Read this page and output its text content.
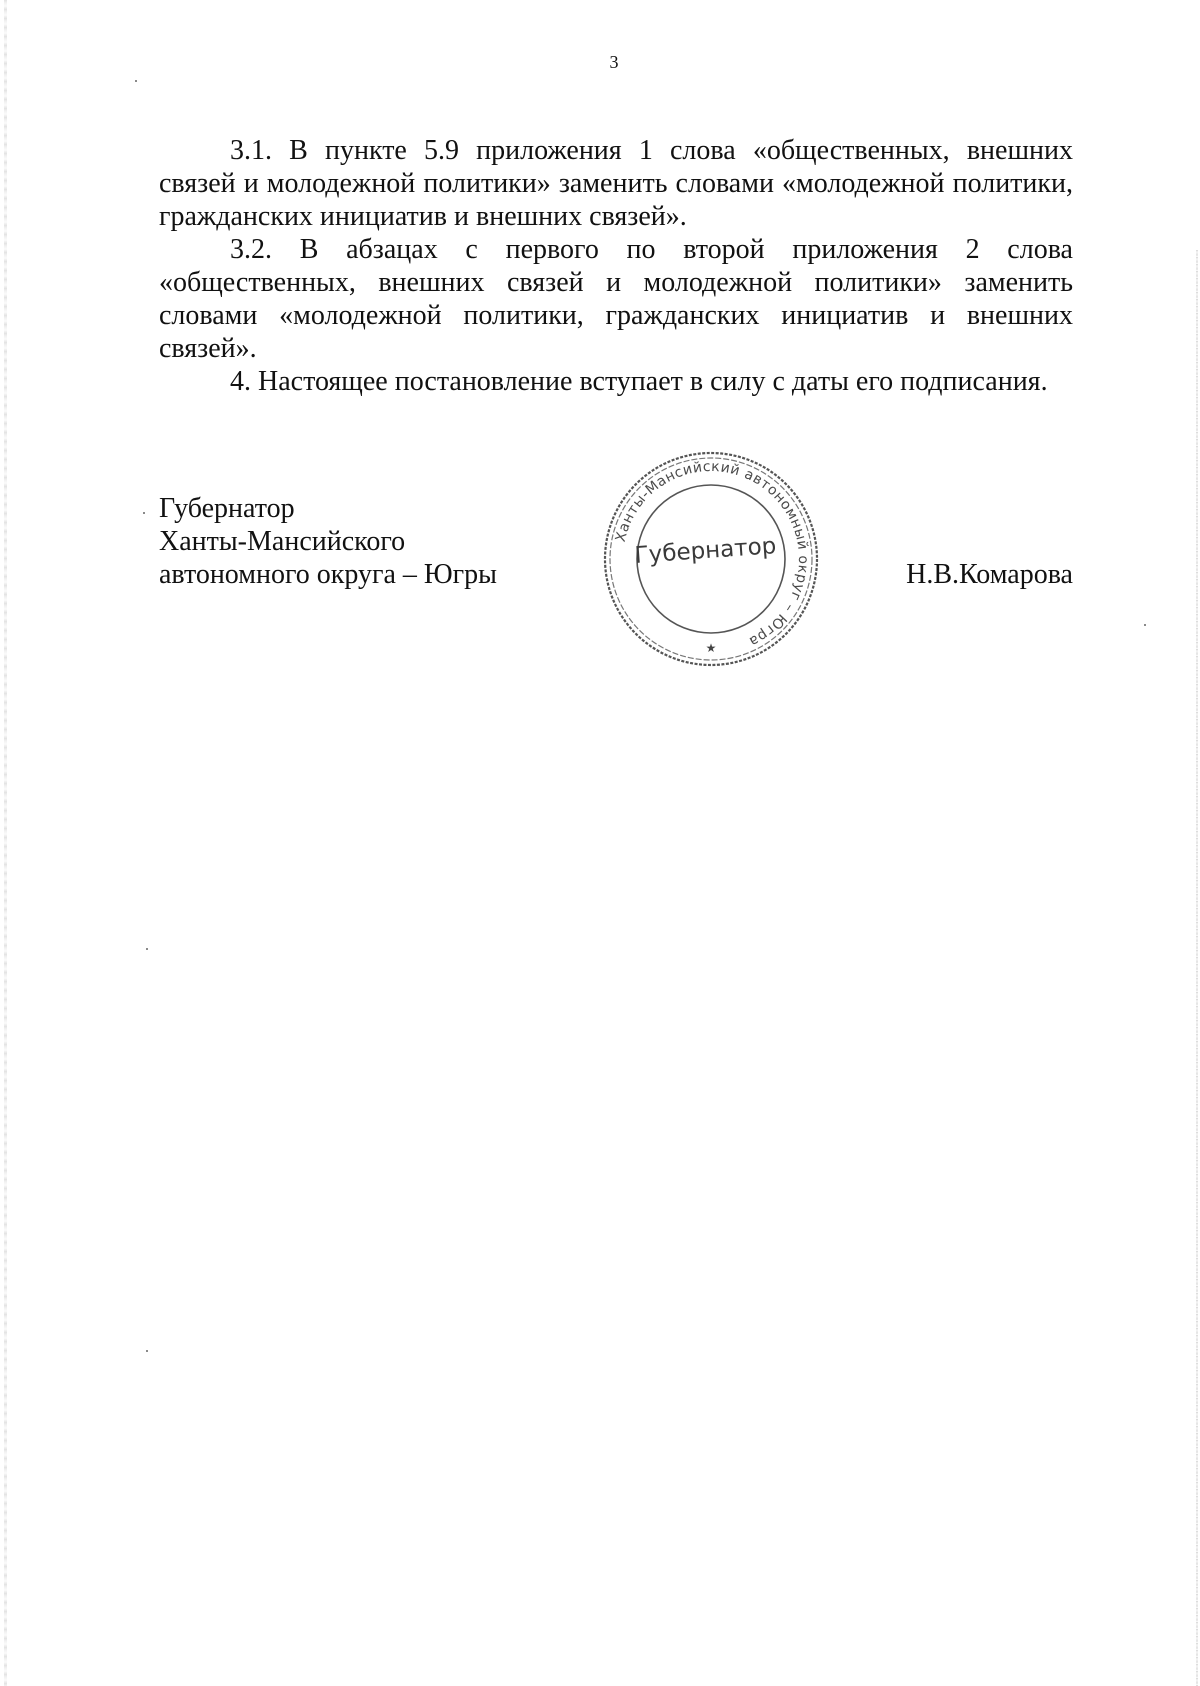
3

3.1. В пункте 5.9 приложения 1 слова «общественных, внешних связей и молодежной политики» заменить словами «молодежной политики, гражданских инициатив и внешних связей».

3.2. В абзацах с первого по второй приложения 2 слова «общественных, внешних связей и молодежной политики» заменить словами «молодежной политики, гражданских инициатив и внешних связей».

4. Настоящее постановление вступает в силу с даты его подписания.

Губернатор
Ханты-Мансийского
автономного округа – Югры	Н.В.Комарова
Ханты-Мансийский автономный округ – Югра
Губернатор
★
